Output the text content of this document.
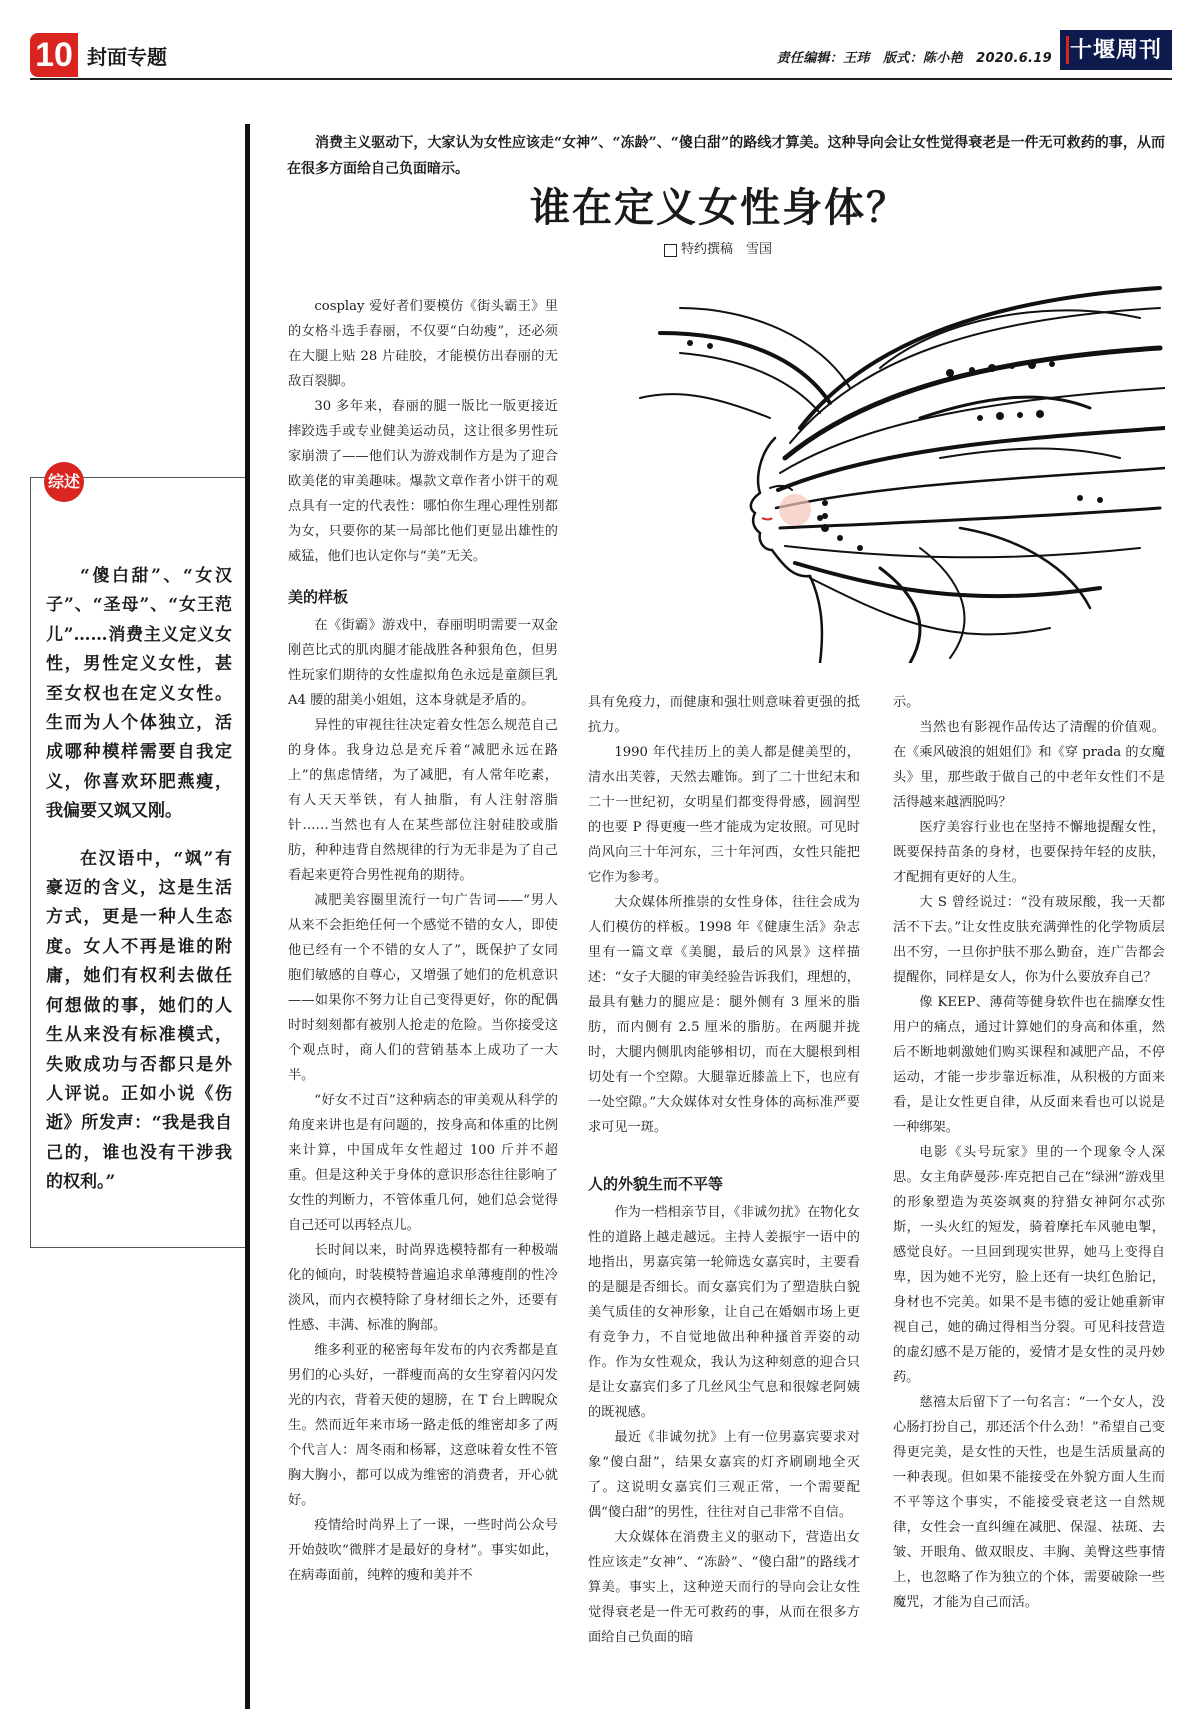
10 封面专题	责任编辑：王玮　版式：陈小艳　2020.6.19 十堰周刊
综述

“傻白甜”、“女汉子”、“圣母”、“女王范儿”……消费主义定义女性，男性定义女性，甚至女权也在定义女性。生而为人个体独立，活成哪种模样需要自我定义，你喜欢环肥燕瘦，我偏要又飒又刚。

在汉语中，“飒”有豪迈的含义，这是生活方式，更是一种人生态度。女人不再是谁的附庸，她们有权利去做任何想做的事，她们的人生从来没有标准模式，失败成功与否都只是外人评说。正如小说《伤逝》所发声：“我是我自己的，谁也没有干涉我的权利。”

消费主义驱动下，大家认为女性应该走“女神”、“冻龄”、“傻白甜”的路线才算美。这种导向会让女性觉得衰老是一件无可救药的事，从而在很多方面给自己负面暗示。
谁在定义女性身体？
特约撰稿　雪国

cosplay 爱好者们要模仿《街头霸王》里的女格斗选手春丽，不仅要“白幼瘦”，还必须在大腿上贴 28 片硅胶，才能模仿出春丽的无敌百裂脚。

30 多年来，春丽的腿一版比一版更接近摔跤选手或专业健美运动员，这让很多男性玩家崩溃了——他们认为游戏制作方是为了迎合欧美佬的审美趣味。爆款文章作者小饼干的观点具有一定的代表性：哪怕你生理心理性别都为女，只要你的某一局部比他们更显出雄性的威猛，他们也认定你与“美”无关。

美的样板

在《街霸》游戏中，春丽明明需要一双金刚芭比式的肌肉腿才能战胜各种狠角色，但男性玩家们期待的女性虚拟角色永远是童颜巨乳 A4 腰的甜美小姐姐，这本身就是矛盾的。

异性的审视往往决定着女性怎么规范自己的身体。我身边总是充斥着“减肥永远在路上”的焦虑情绪，为了减肥，有人常年吃素，有人天天举铁，有人抽脂，有人注射溶脂针……当然也有人在某些部位注射硅胶或脂肪，种种违背自然规律的行为无非是为了自己看起来更符合男性视角的期待。

减肥美容圈里流行一句广告词——“男人从来不会拒绝任何一个感觉不错的女人，即使他已经有一个不错的女人了”，既保护了女同胞们敏感的自尊心，又增强了她们的危机意识——如果你不努力让自己变得更好，你的配偶时时刻刻都有被别人抢走的危险。当你接受这个观点时，商人们的营销基本上成功了一大半。

“好女不过百”这种病态的审美观从科学的角度来讲也是有问题的，按身高和体重的比例来计算，中国成年女性超过 100 斤并不超重。但是这种关于身体的意识形态往往影响了女性的判断力，不管体重几何，她们总会觉得自己还可以再轻点儿。

长时间以来，时尚界选模特都有一种极端化的倾向，时装模特普遍追求单薄瘦削的性冷淡风，而内衣模特除了身材细长之外，还要有性感、丰满、标准的胸部。

维多利亚的秘密每年发布的内衣秀都是直男们的心头好，一群瘦而高的女生穿着闪闪发光的内衣，背着天使的翅膀，在 T 台上睥睨众生。然而近年来市场一路走低的维密却多了两个代言人：周冬雨和杨幂，这意味着女性不管胸大胸小，都可以成为维密的消费者，开心就好。

疫情给时尚界上了一课，一些时尚公众号开始鼓吹“微胖才是最好的身材”。事实如此，在病毒面前，纯粹的瘦和美并不

具有免疫力，而健康和强壮则意味着更强的抵抗力。

1990 年代挂历上的美人都是健美型的，清水出芙蓉，天然去雕饰。到了二十世纪末和二十一世纪初，女明星们都变得骨感，圆润型的也要 P 得更瘦一些才能成为定妆照。可见时尚风向三十年河东，三十年河西，女性只能把它作为参考。

大众媒体所推崇的女性身体，往往会成为人们模仿的样板。1998 年《健康生活》杂志里有一篇文章《美腿，最后的风景》这样描述：“女子大腿的审美经验告诉我们，理想的，最具有魅力的腿应是：腿外侧有 3 厘米的脂肪，而内侧有 2.5 厘米的脂肪。在两腿并拢时，大腿内侧肌肉能够相切，而在大腿根到相切处有一个空隙。大腿靠近膝盖上下，也应有一处空隙。”大众媒体对女性身体的高标准严要求可见一斑。

人的外貌生而不平等

作为一档相亲节目，《非诚勿扰》在物化女性的道路上越走越远。主持人姜振宇一语中的地指出，男嘉宾第一轮筛选女嘉宾时，主要看的是腿是否细长。而女嘉宾们为了塑造肤白貌美气质佳的女神形象，让自己在婚姻市场上更有竞争力，不自觉地做出种种搔首弄姿的动作。作为女性观众，我认为这种刻意的迎合只是让女嘉宾们多了几丝风尘气息和很嫁老阿姨的既视感。

最近《非诚勿扰》上有一位男嘉宾要求对象“傻白甜”，结果女嘉宾的灯齐刷刷地全灭了。这说明女嘉宾们三观正常，一个需要配偶“傻白甜”的男性，往往对自己非常不自信。

大众媒体在消费主义的驱动下，营造出女性应该走“女神”、“冻龄”、“傻白甜”的路线才算美。事实上，这种逆天而行的导向会让女性觉得衰老是一件无可救药的事，从而在很多方面给自己负面的暗

示。

当然也有影视作品传达了清醒的价值观。在《乘风破浪的姐姐们》和《穿 prada 的女魔头》里，那些敢于做自己的中老年女性们不是活得越来越洒脱吗？

医疗美容行业也在坚持不懈地提醒女性，既要保持苗条的身材，也要保持年轻的皮肤，才配拥有更好的人生。

大 S 曾经说过：“没有玻尿酸，我一天都活不下去。”让女性皮肤充满弹性的化学物质层出不穷，一旦你护肤不那么勤奋，连广告都会提醒你，同样是女人，你为什么要放弃自己？

像 KEEP、薄荷等健身软件也在揣摩女性用户的痛点，通过计算她们的身高和体重，然后不断地刺激她们购买课程和减肥产品，不停运动，才能一步步靠近标准，从积极的方面来看，是让女性更自律，从反面来看也可以说是一种绑架。

电影《头号玩家》里的一个现象令人深思。女主角萨曼莎·库克把自己在“绿洲”游戏里的形象塑造为英姿飒爽的狩猎女神阿尔忒弥斯，一头火红的短发，骑着摩托车风驰电掣，感觉良好。一旦回到现实世界，她马上变得自卑，因为她不光穷，脸上还有一块红色胎记，身材也不完美。如果不是韦德的爱让她重新审视自己，她的确过得相当分裂。可见科技营造的虚幻感不是万能的，爱情才是女性的灵丹妙药。

慈禧太后留下了一句名言：“一个女人，没心肠打扮自己，那还活个什么劲！”希望自己变得更完美，是女性的天性，也是生活质量高的一种表现。但如果不能接受在外貌方面人生而不平等这个事实，不能接受衰老这一自然规律，女性会一直纠缠在减肥、保湿、祛斑、去皱、开眼角、做双眼皮、丰胸、美臀这些事情上，也忽略了作为独立的个体，需要破除一些魔咒，才能为自己而活。
